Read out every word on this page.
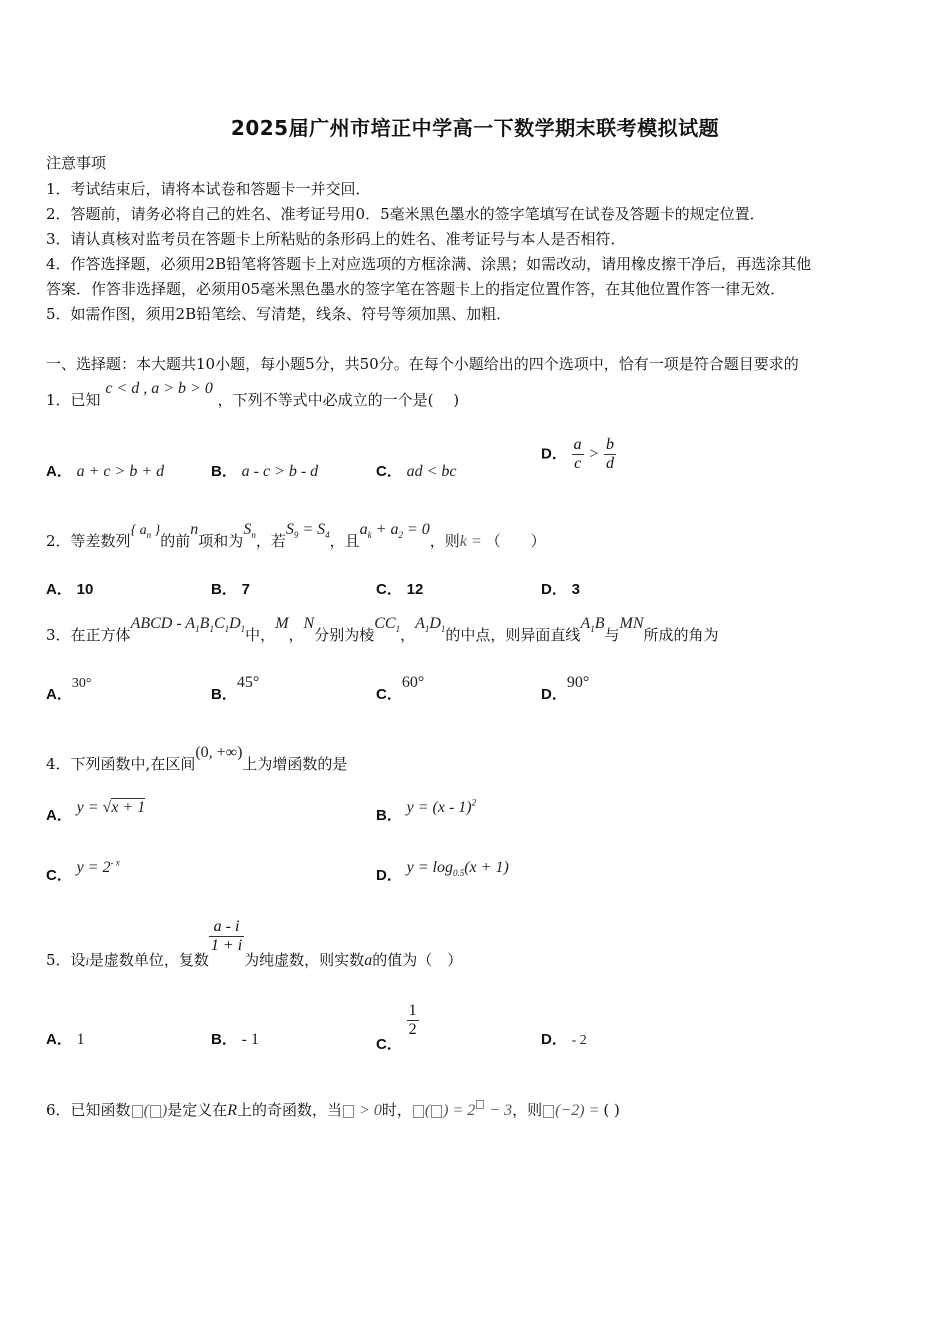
2025届广州市培正中学高一下数学期末联考模拟试题
注意事项
1．考试结束后，请将本试卷和答题卡一并交回．
2．答题前，请务必将自己的姓名、准考证号用0．5毫米黑色墨水的签字笔填写在试卷及答题卡的规定位置．
3．请认真核对监考员在答题卡上所粘贴的条形码上的姓名、准考证号与本人是否相符．
4．作答选择题，必须用2B铅笔将答题卡上对应选项的方框涂满、涂黑；如需改动，请用橡皮擦干净后，再选涂其他
答案．作答非选择题，必须用05毫米黑色墨水的签字笔在答题卡上的指定位置作答，在其他位置作答一律无效．
5．如需作图，须用2B铅笔绘、写清楚，线条、符号等须加黑、加粗．
一、选择题：本大题共10小题，每小题5分，共50分。在每个小题给出的四个选项中，恰有一项是符合题目要求的
1．已知 c < d , a > b > 0 ，下列不等式中必成立的一个是(　 )
A． a + c > b + d	B． a - c > b - d	C． ad < bc
D． $\frac{a}{c} > \frac{b}{d}$
2．等差数列{ $a_n$ }的前n项和为$S_n$，若$S_9 = S_4$，且$a_k + a_2 = 0$，则k = （　　）
A． 10	B． 7	C． 12	D． 3
3．在正方体ABCD - $A_1B_1C_1D_1$中，M，N分别为棱$CC_1$，$A_1D_1$的中点，则异面直线$A_1B$与MN所成的角为
A．30°
B．45°
C．60°
D．90°
4．下列函数中,在区间(0, +∞)上为增函数的是
A． y = √x + 1	B． y = (x - 1)$^2$
C． $y = 2^{- x}$
D． $y = \log_{0.5}(x + 1)$
5．设i是虚数单位，复数
$\frac{a - i}{1 + i}$
为纯虚数，则实数a的值为（　）
A． 1	B． - 1	C．
$\frac{1}{2}$
D． - 2
6．已知函数 ( )是定义在R上的奇函数，当 > 0时， ( ) = 2 − 3，则 (−2) = ( )
